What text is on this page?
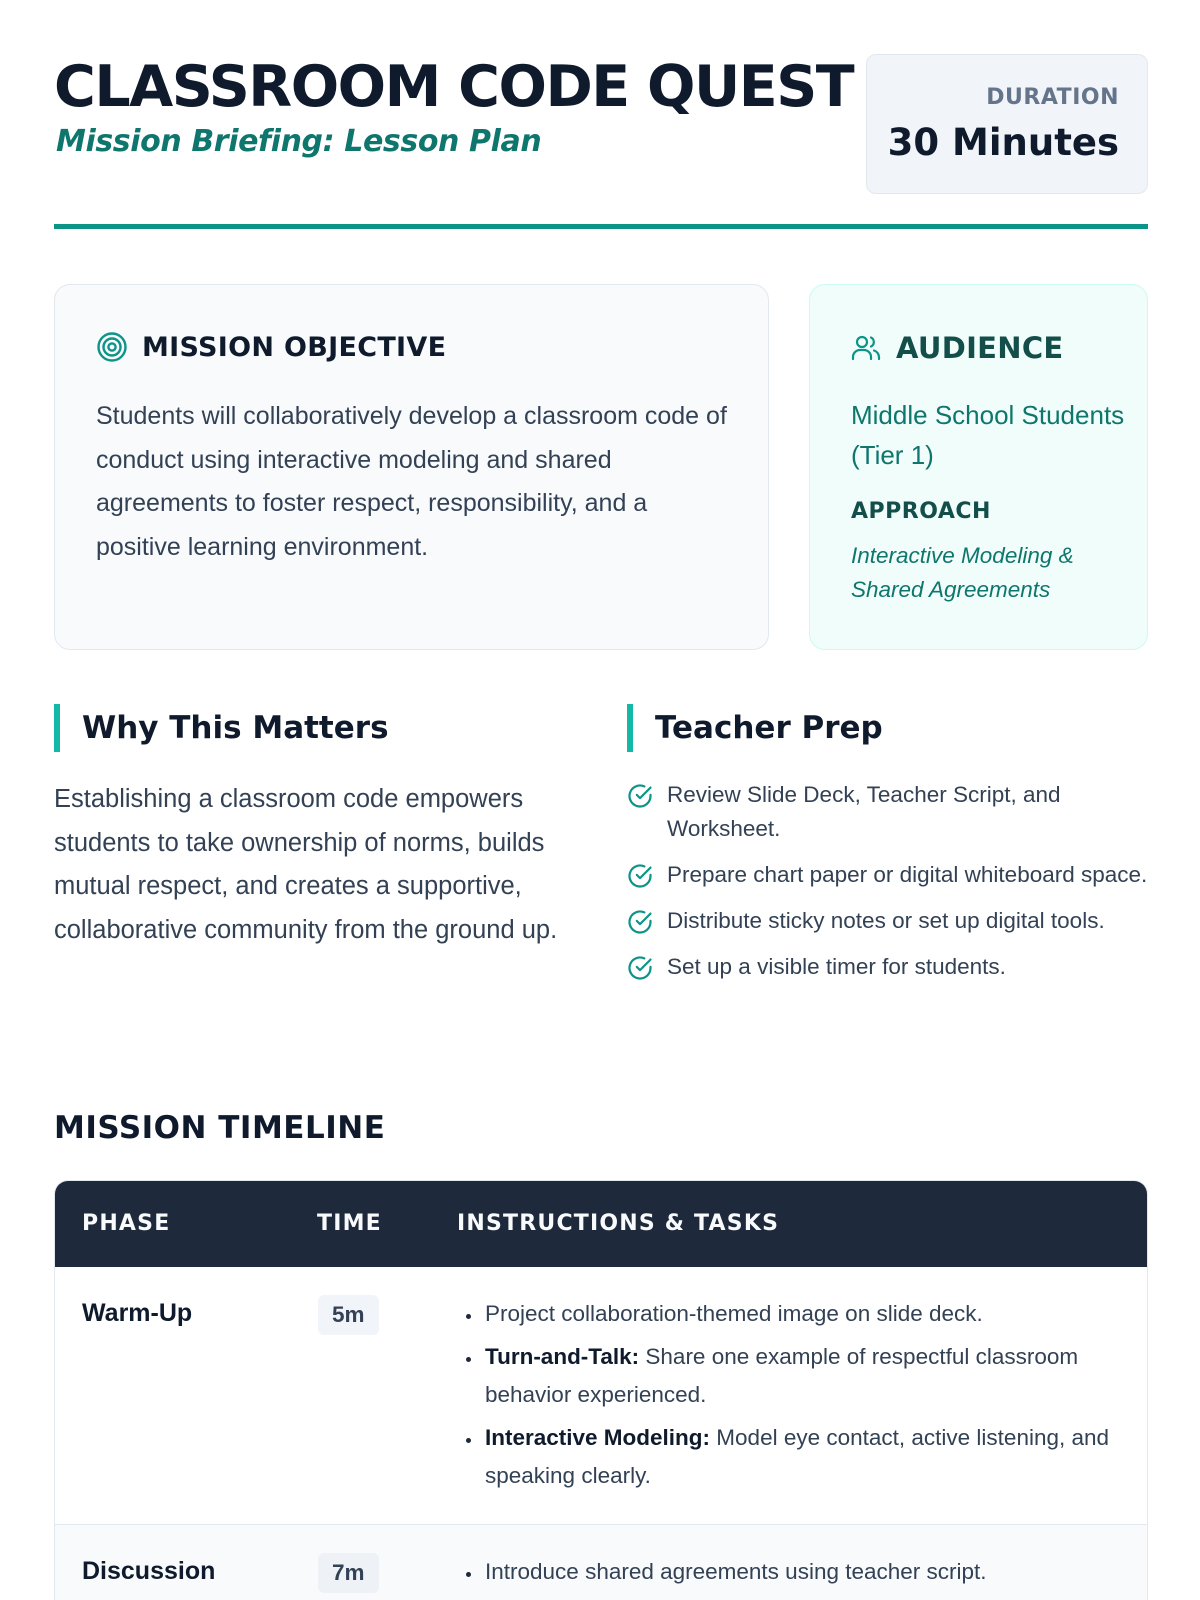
CLASSROOM CODE QUEST
Mission Briefing: Lesson Plan
DURATION
30 Minutes
MISSION OBJECTIVE

Students will collaboratively develop a classroom code of conduct using interactive modeling and shared agreements to foster respect, responsibility, and a positive learning environment.

AUDIENCE
Middle School Students (Tier 1)
APPROACH
Interactive Modeling & Shared Agreements
Why This Matters

Establishing a classroom code empowers students to take ownership of norms, builds mutual respect, and creates a supportive, collaborative community from the ground up.

Teacher Prep
Review Slide Deck, Teacher Script, and Worksheet.
Prepare chart paper or digital whiteboard space.
Distribute sticky notes or set up digital tools.
Set up a visible timer for students.
MISSION TIMELINE
PHASE	TIME	INSTRUCTIONS & TASKS
Warm-Up	5m	• Project collaboration-themed image on slide deck.
• Turn-and-Talk: Share one example of respectful classroom behavior experienced.
• Interactive Modeling: Model eye contact, active listening, and speaking clearly.
Discussion	7m	• Introduce shared agreements using teacher script.
